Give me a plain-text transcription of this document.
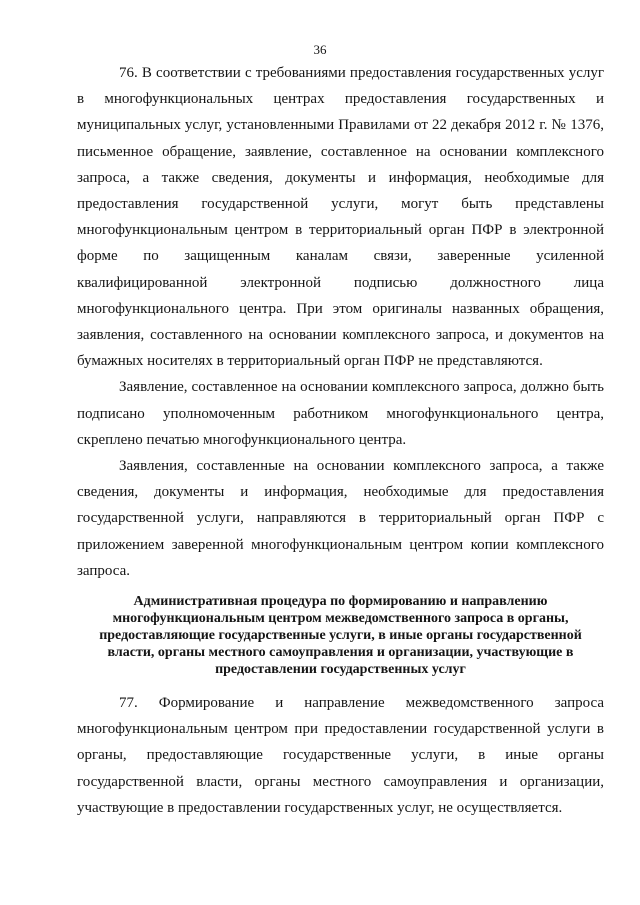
36

76. В соответствии с требованиями предоставления государственных услуг в многофункциональных центрах предоставления государственных и муниципальных услуг, установленными Правилами от 22 декабря 2012 г. № 1376, письменное обращение, заявление, составленное на основании комплексного запроса, а также сведения, документы и информация, необходимые для предоставления государственной услуги, могут быть представлены многофункциональным центром в территориальный орган ПФР в электронной форме по защищенным каналам связи, заверенные усиленной квалифицированной электронной подписью должностного лица многофункционального центра. При этом оригиналы названных обращения, заявления, составленного на основании комплексного запроса, и документов на бумажных носителях в территориальный орган ПФР не представляются.

Заявление, составленное на основании комплексного запроса, должно быть подписано уполномоченным работником многофункционального центра, скреплено печатью многофункционального центра.

Заявления, составленные на основании комплексного запроса, а также сведения, документы и информация, необходимые для предоставления государственной услуги, направляются в территориальный орган ПФР с приложением заверенной многофункциональным центром копии комплексного запроса.

Административная процедура по формированию и направлению многофункциональным центром межведомственного запроса в органы, предоставляющие государственные услуги, в иные органы государственной власти, органы местного самоуправления и организации, участвующие в предоставлении государственных услуг

77. Формирование и направление межведомственного запроса многофункциональным центром при предоставлении государственной услуги в органы, предоставляющие государственные услуги, в иные органы государственной власти, органы местного самоуправления и организации, участвующие в предоставлении государственных услуг, не осуществляется.
